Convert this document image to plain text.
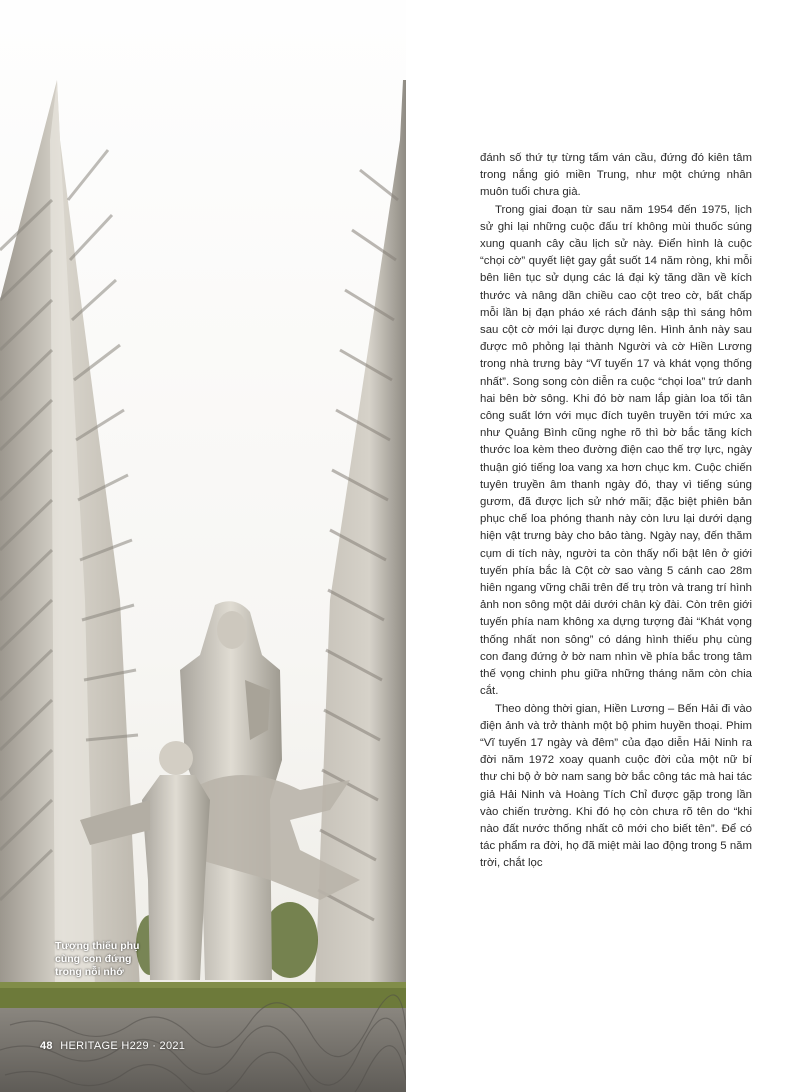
Tượng thiếu phụ
cùng con đứng
trong nỗi nhớ

48 HERITAGE H229 · 2021

đánh số thứ tự từng tấm ván cầu, đứng đó kiên tâm trong nắng gió miền Trung, như một chứng nhân muôn tuổi chưa già.

Trong giai đoạn từ sau năm 1954 đến 1975, lịch sử ghi lại những cuộc đấu trí không mùi thuốc súng xung quanh cây cầu lịch sử này. Điển hình là cuộc “chọi cờ” quyết liệt gay gắt suốt 14 năm ròng, khi mỗi bên liên tục sử dụng các lá đại kỳ tăng dần về kích thước và nâng dần chiều cao cột treo cờ, bất chấp mỗi lần bị đạn pháo xé rách đánh sập thì sáng hôm sau cột cờ mới lại được dựng lên. Hình ảnh này sau được mô phỏng lại thành Người và cờ Hiền Lương trong nhà trưng bày “Vĩ tuyến 17 và khát vọng thống nhất”. Song song còn diễn ra cuộc “chọi loa” trứ danh hai bên bờ sông. Khi đó bờ nam lắp giàn loa tối tân công suất lớn với mục đích tuyên truyền tới mức xa như Quảng Bình cũng nghe rõ thì bờ bắc tăng kích thước loa kèm theo đường điện cao thế trợ lực, ngày thuận gió tiếng loa vang xa hơn chục km. Cuộc chiến tuyên truyền âm thanh ngày đó, thay vì tiếng súng gươm, đã được lịch sử nhớ mãi; đặc biệt phiên bản phục chế loa phóng thanh này còn lưu lại dưới dạng hiện vật trưng bày cho bảo tàng. Ngày nay, đến thăm cụm di tích này, người ta còn thấy nổi bật lên ở giới tuyến phía bắc là Cột cờ sao vàng 5 cánh cao 28m hiên ngang vững chãi trên đế trụ tròn và trang trí hình ảnh non sông một dải dưới chân kỳ đài. Còn trên giới tuyến phía nam không xa dựng tượng đài “Khát vọng thống nhất non sông” có dáng hình thiếu phụ cùng con đang đứng ở bờ nam nhìn về phía bắc trong tâm thế vọng chinh phu giữa những tháng năm còn chia cắt.

Theo dòng thời gian, Hiền Lương – Bến Hải đi vào điện ảnh và trở thành một bộ phim huyền thoại. Phim “Vĩ tuyến 17 ngày và đêm” của đạo diễn Hải Ninh ra đời năm 1972 xoay quanh cuộc đời của một nữ bí thư chi bộ ở bờ nam sang bờ bắc công tác mà hai tác giả Hải Ninh và Hoàng Tích Chỉ được gặp trong lần vào chiến trường. Khi đó họ còn chưa rõ tên do “khi nào đất nước thống nhất cô mới cho biết tên”. Để có tác phẩm ra đời, họ đã miệt mài lao động trong 5 năm trời, chắt lọc
